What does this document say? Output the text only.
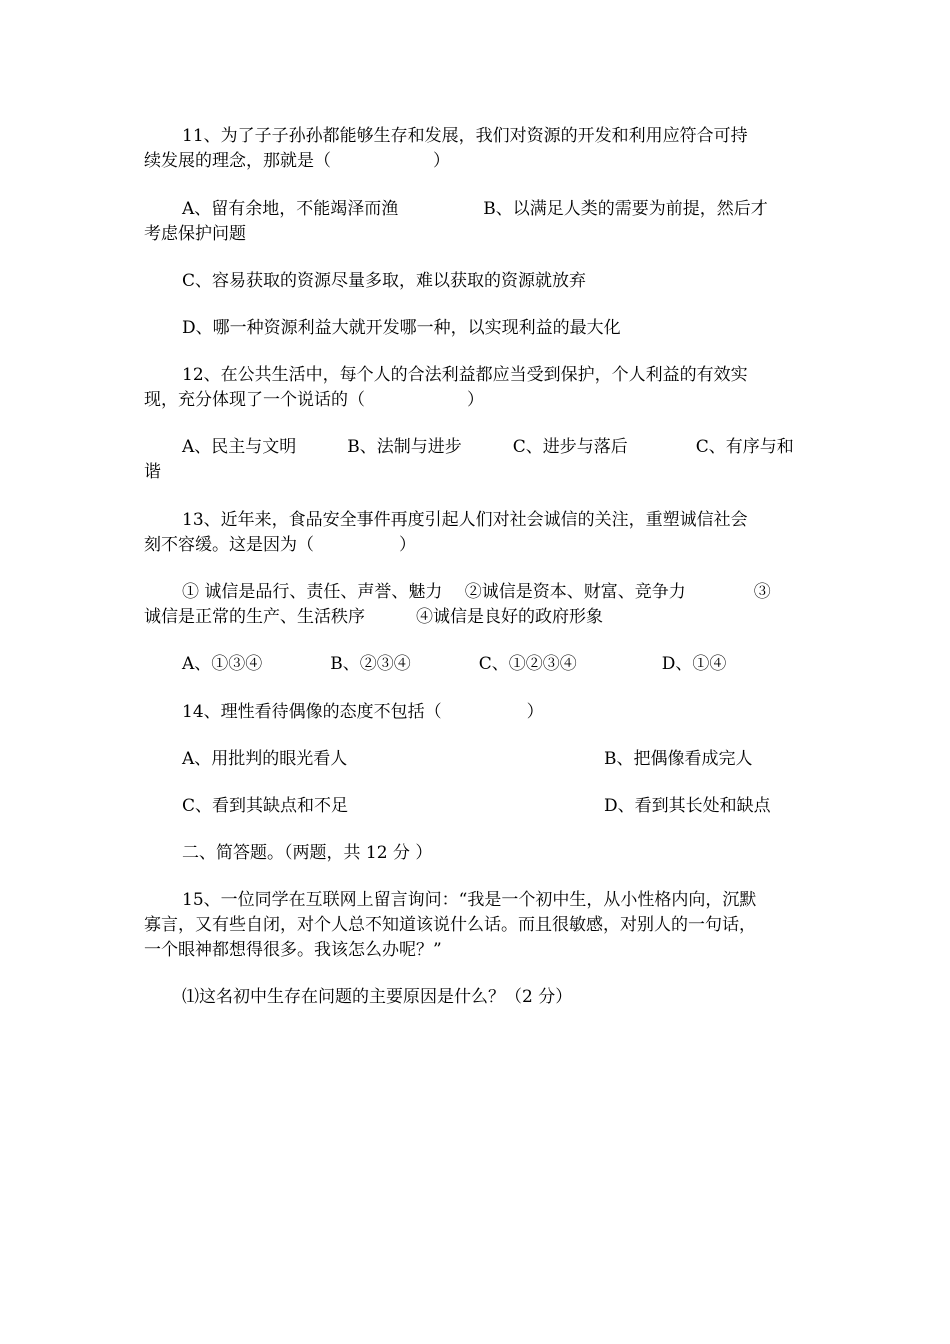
11、为了子子孙孙都能够生存和发展，我们对资源的开发和利用应符合可持
续发展的理念，那就是（　　　　　　）
A、留有余地，不能竭泽而渔　　　　　B、以满足人类的需要为前提，然后才
考虑保护问题
C、容易获取的资源尽量多取，难以获取的资源就放弃
D、哪一种资源利益大就开发哪一种，以实现利益的最大化
12、在公共生活中，每个人的合法利益都应当受到保护，个人利益的有效实
现，充分体现了一个说话的（　　　　　　）
A、民主与文明　　　B、法制与进步　　　C、进步与落后　　　　C、有序与和
谐
13、近年来，食品安全事件再度引起人们对社会诚信的关注，重塑诚信社会
刻不容缓。这是因为（　　　　　）
① 诚信是品行、责任、声誉、魅力　 ②诚信是资本、财富、竞争力　　　　③
诚信是正常的生产、生活秩序　　　④诚信是良好的政府形象
A、①③④　　　　B、②③④　　　　C、①②③④　　　　　D、①④
14、理性看待偶像的态度不包括（　　　　　）
A、用批判的眼光看人	B、把偶像看成完人
C、看到其缺点和不足	D、看到其长处和缺点
二、简答题。（两题，共 12 分 ）
15、一位同学在互联网上留言询问：“我是一个初中生，从小性格内向，沉默
寡言，又有些自闭，对个人总不知道该说什么话。而且很敏感，对别人的一句话，
一个眼神都想得很多。我该怎么办呢？”
⑴这名初中生存在问题的主要原因是什么？（2 分）
